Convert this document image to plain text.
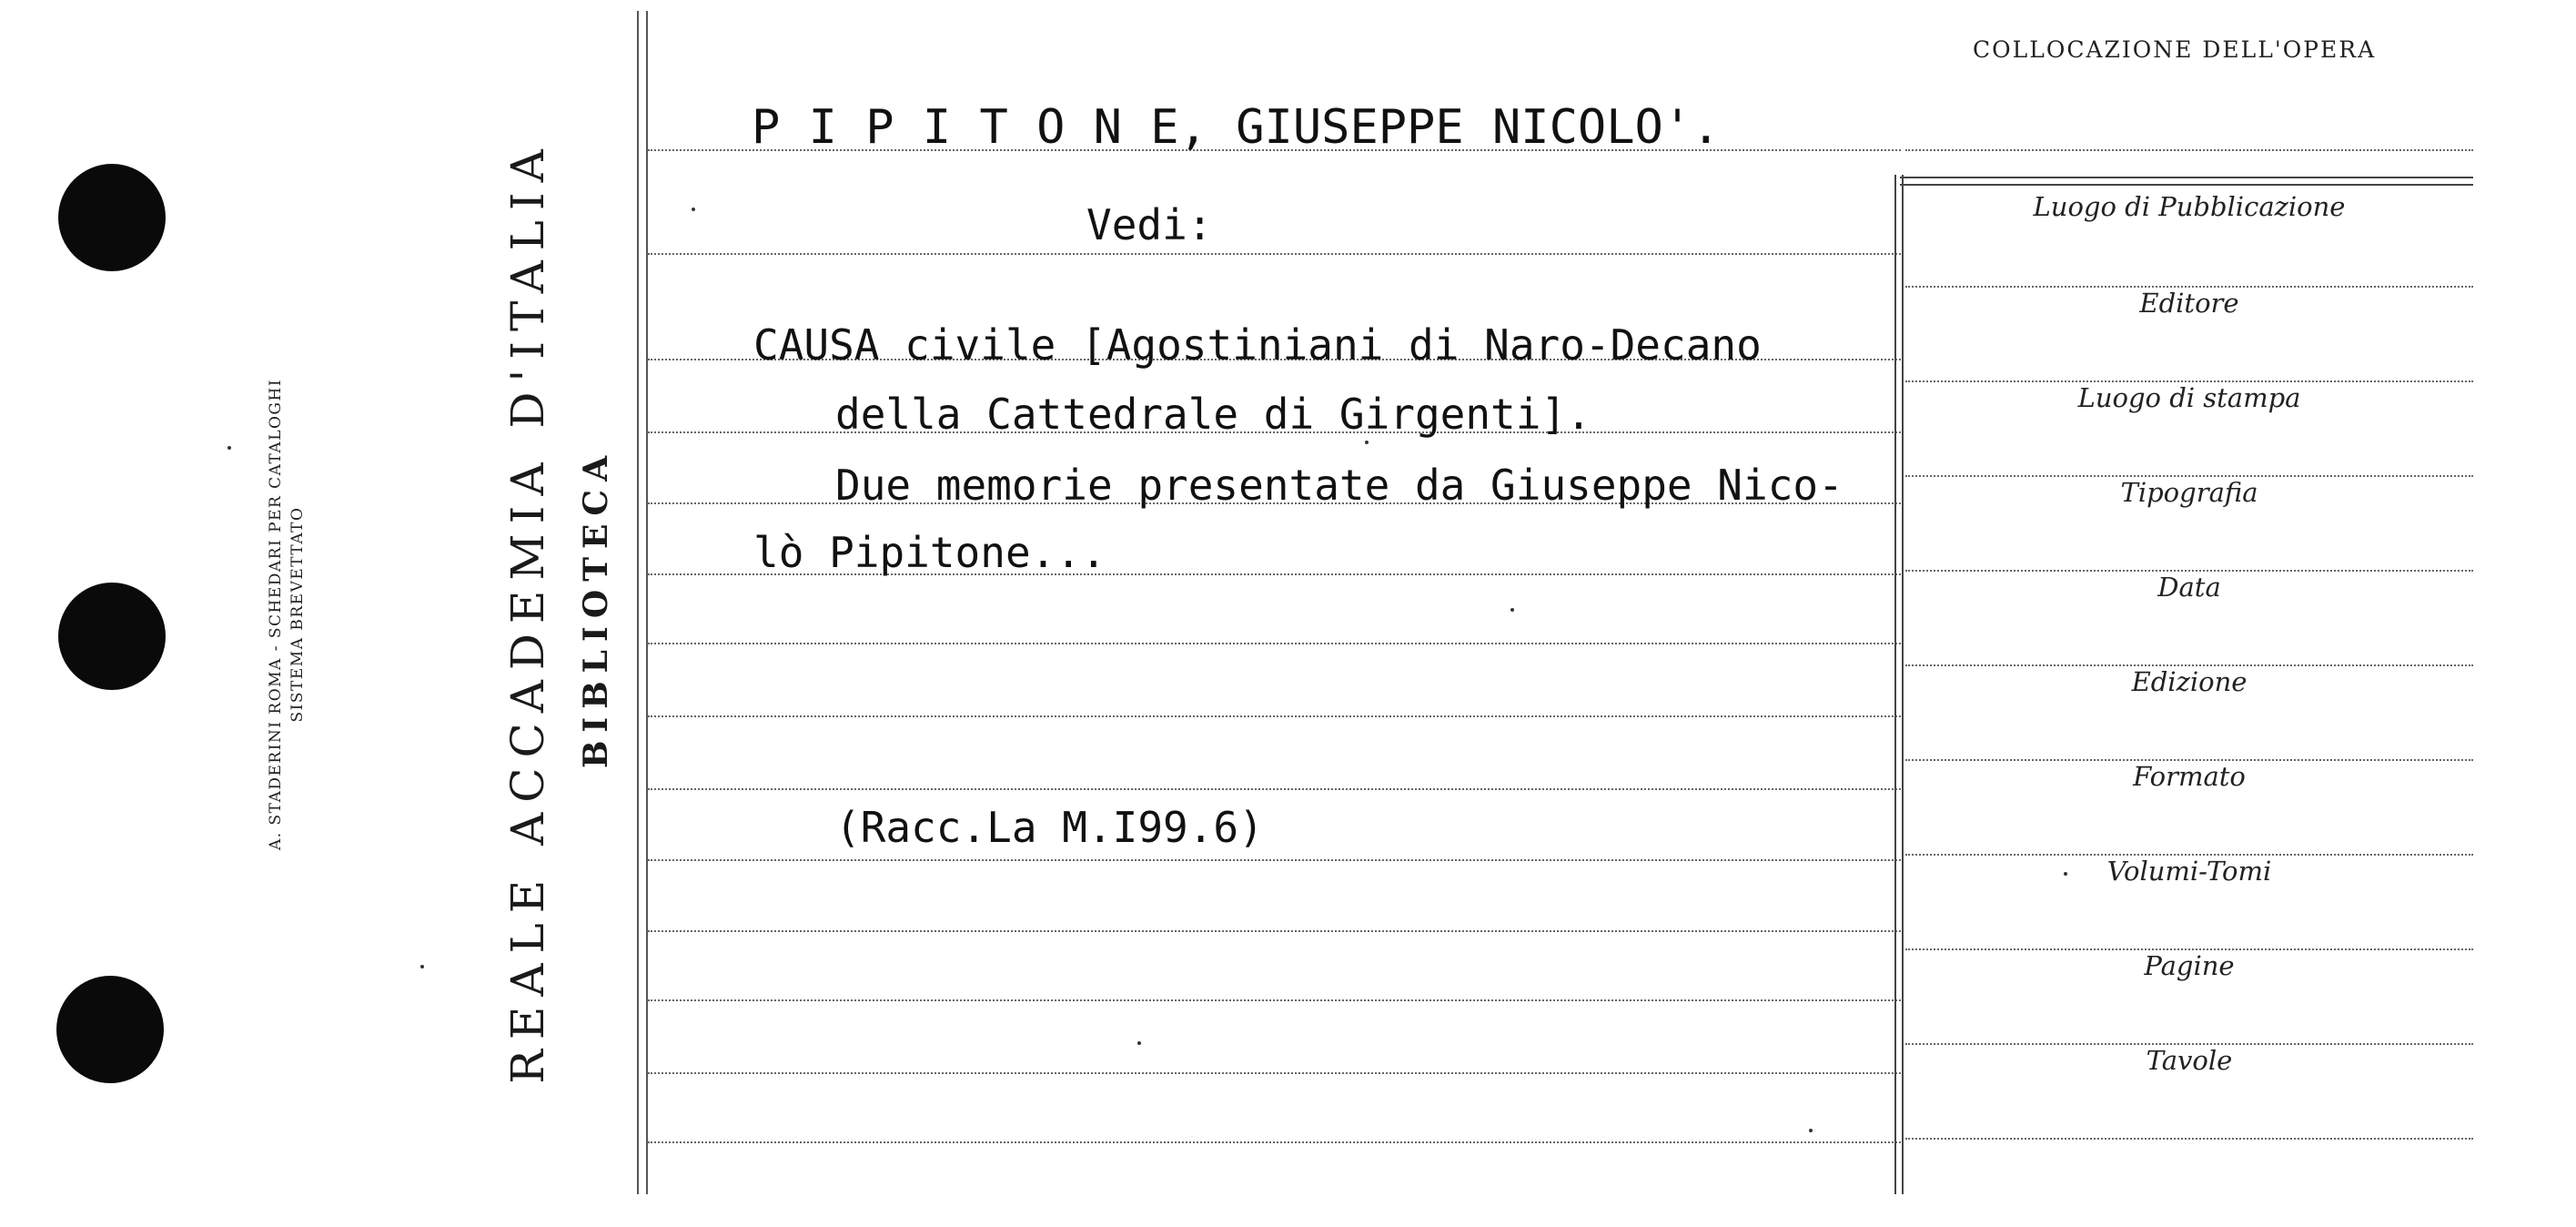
A. STADERINI ROMA - SCHEDARI PER CATALOGHI SISTEMA BREVETTATO	REALE ACCADEMIA D'ITALIA BIBLIOTECA
COLLOCAZIONE DELL'OPERA
Luogo di Pubblicazione
Editore
Luogo di stampa
Tipografia
Data
Edizione
Formato
Volumi-Tomi
Pagine
Tavole
P I P I T O N E, GIUSEPPE NICOLO'.
Vedi:
CAUSA civile [Agostiniani di Naro-Decano
della Cattedrale di Girgenti].
Due memorie presentate da Giuseppe Nico-
lò Pipitone...
(Racc.La M.I99.6)
